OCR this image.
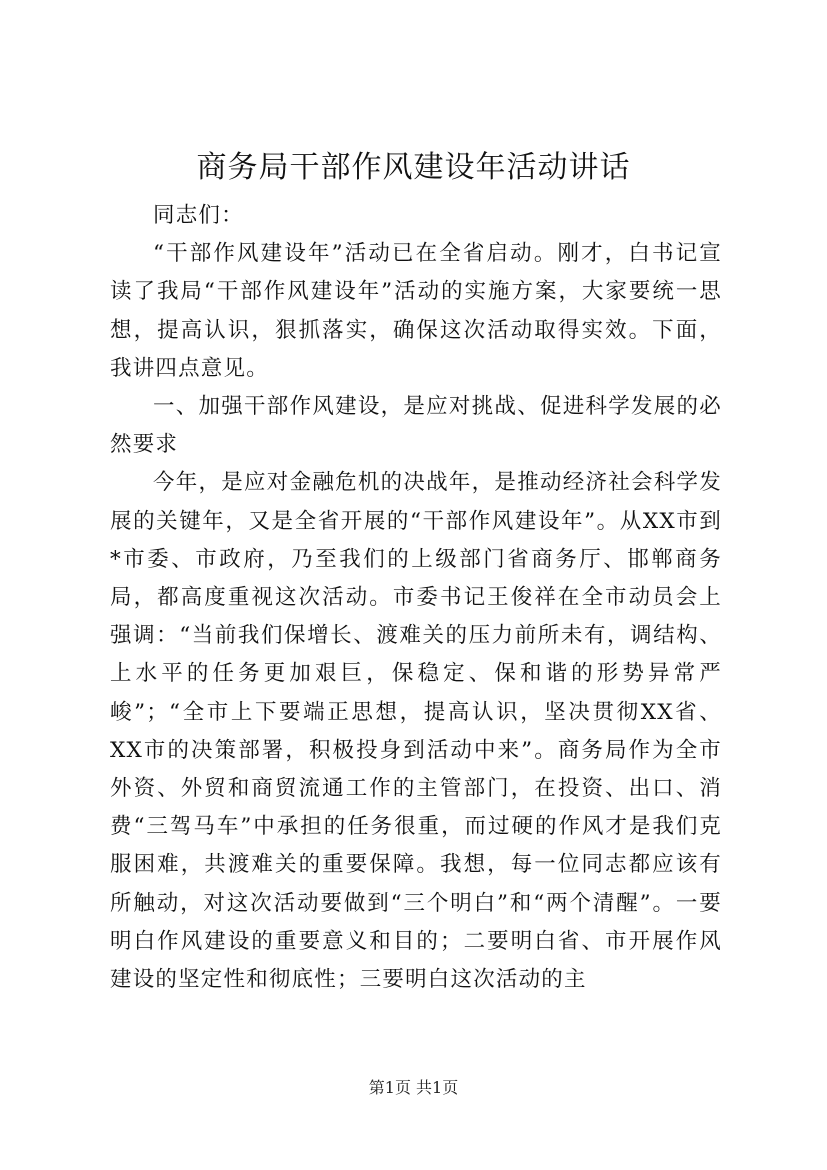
商务局干部作风建设年活动讲话

同志们：

“干部作风建设年”活动已在全省启动。刚才，白书记宣读了我局“干部作风建设年”活动的实施方案，大家要统一思想，提高认识，狠抓落实，确保这次活动取得实效。下面，我讲四点意见。

一、加强干部作风建设，是应对挑战、促进科学发展的必然要求

今年，是应对金融危机的决战年，是推动经济社会科学发展的关键年，又是全省开展的“干部作风建设年”。从XX市到*市委、市政府，乃至我们的上级部门省商务厅、邯郸商务局，都高度重视这次活动。市委书记王俊祥在全市动员会上强调：“当前我们保增长、渡难关的压力前所未有，调结构、上水平的任务更加艰巨，保稳定、保和谐的形势异常严峻”；“全市上下要端正思想，提高认识，坚决贯彻XX省、XX市的决策部署，积极投身到活动中来”。商务局作为全市外资、外贸和商贸流通工作的主管部门，在投资、出口、消费“三驾马车”中承担的任务很重，而过硬的作风才是我们克服困难，共渡难关的重要保障。我想，每一位同志都应该有所触动，对这次活动要做到“三个明白”和“两个清醒”。一要明白作风建设的重要意义和目的；二要明白省、市开展作风建设的坚定性和彻底性；三要明白这次活动的主

第1页 共1页
